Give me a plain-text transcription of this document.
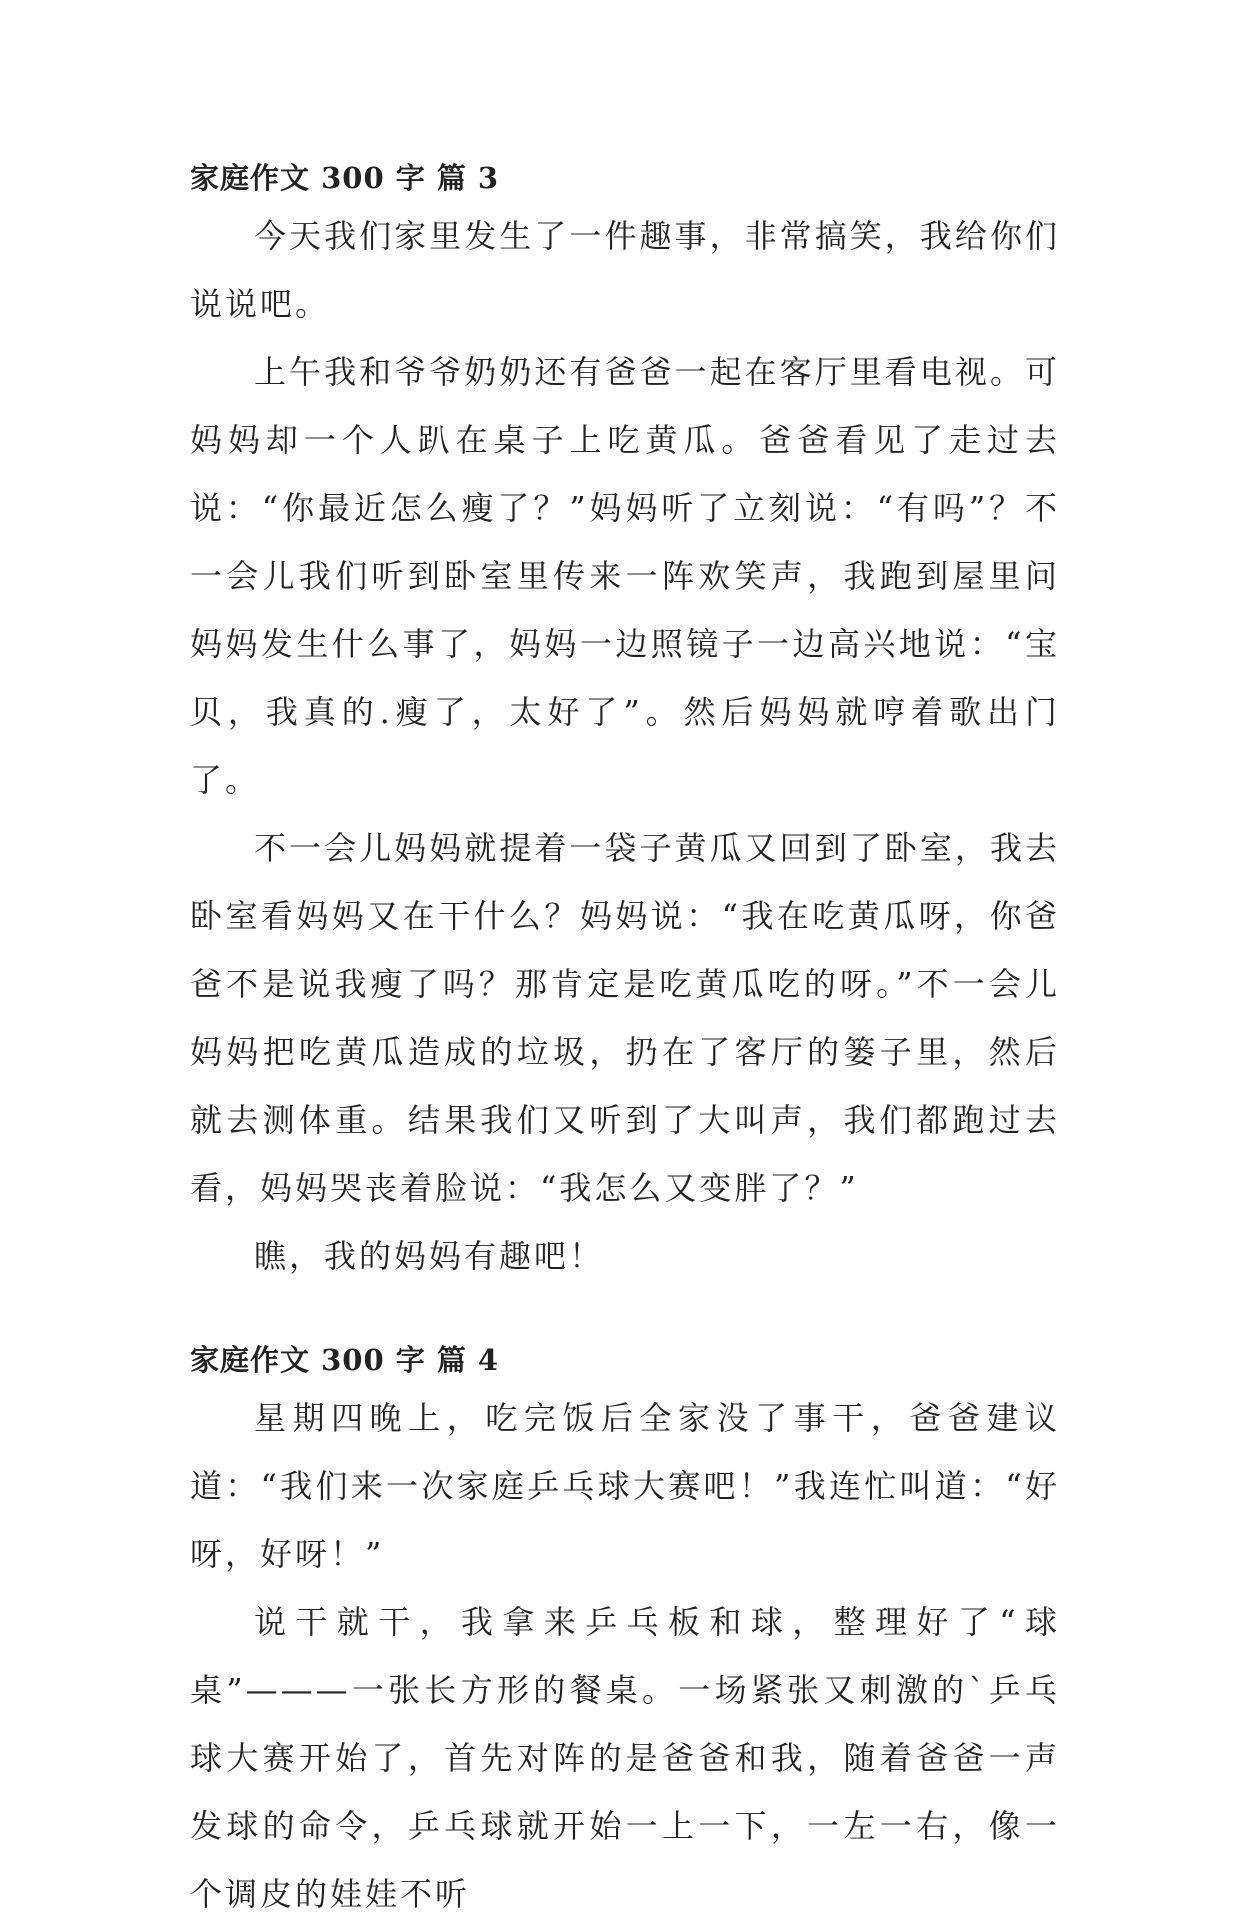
家庭作文 300 字 篇 3

今天我们家里发生了一件趣事，非常搞笑，我给你们说说吧。

上午我和爷爷奶奶还有爸爸一起在客厅里看电视。可妈妈却一个人趴在桌子上吃黄瓜。爸爸看见了走过去说：“你最近怎么瘦了？”妈妈听了立刻说：“有吗”？不一会儿我们听到卧室里传来一阵欢笑声，我跑到屋里问妈妈发生什么事了，妈妈一边照镜子一边高兴地说：“宝贝，我真的.瘦了，太好了”。然后妈妈就哼着歌出门了。

不一会儿妈妈就提着一袋子黄瓜又回到了卧室，我去卧室看妈妈又在干什么？妈妈说：“我在吃黄瓜呀，你爸爸不是说我瘦了吗？那肯定是吃黄瓜吃的呀。”不一会儿妈妈把吃黄瓜造成的垃圾，扔在了客厅的篓子里，然后就去测体重。结果我们又听到了大叫声，我们都跑过去看，妈妈哭丧着脸说：“我怎么又变胖了？”

瞧，我的妈妈有趣吧！

家庭作文 300 字 篇 4

星期四晚上，吃完饭后全家没了事干，爸爸建议道：“我们来一次家庭乒乓球大赛吧！”我连忙叫道：“好呀，好呀！”

说干就干，我拿来乒乓板和球，整理好了“球桌”———一张长方形的餐桌。一场紧张又刺激的`乒乓球大赛开始了，首先对阵的是爸爸和我，随着爸爸一声发球的命令，乒乓球就开始一上一下，一左一右，像一个调皮的娃娃不听
